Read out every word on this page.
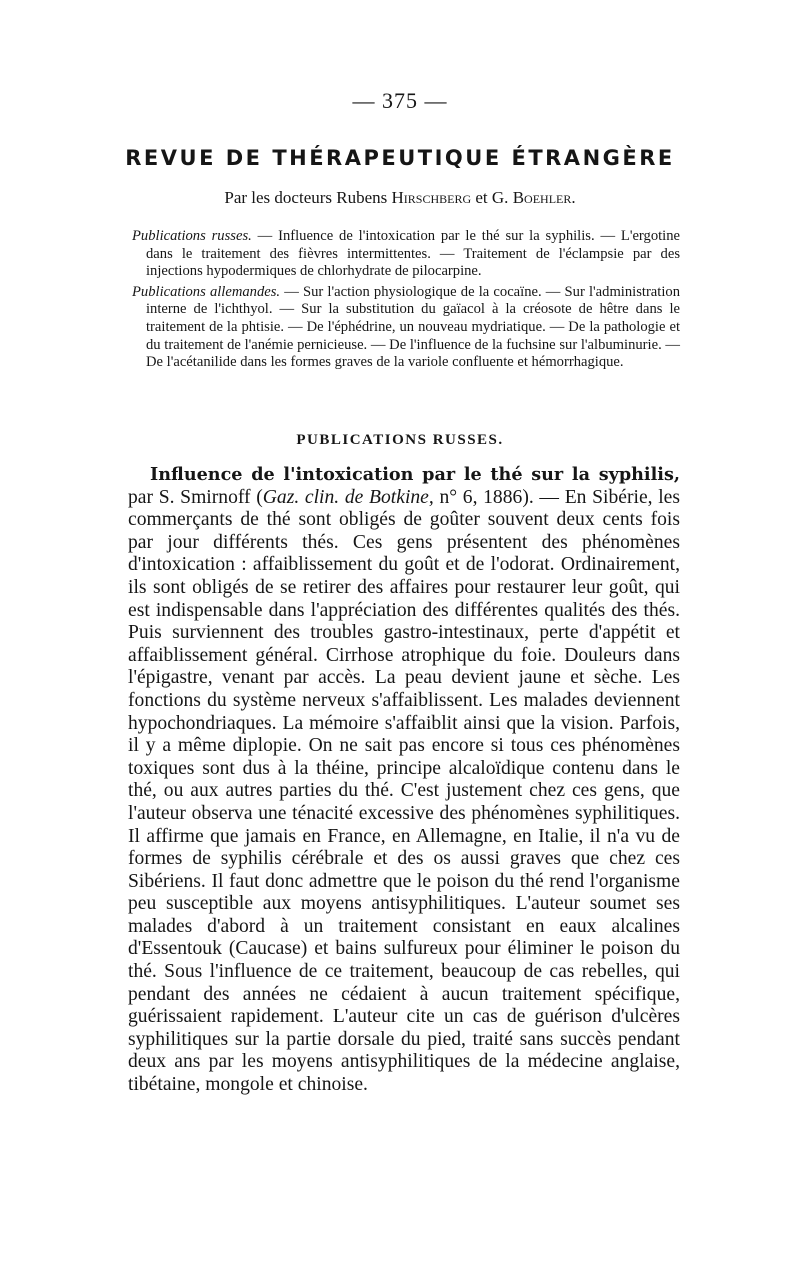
— 375 —
REVUE DE THÉRAPEUTIQUE ÉTRANGÈRE
Par les docteurs Rubens Hirschberg et G. Boehler.

Publications russes. — Influence de l'intoxication par le thé sur la syphilis. — L'ergotine dans le traitement des fièvres intermittentes. — Traitement de l'éclampsie par des injections hypodermiques de chlorhydrate de pilocarpine.

Publications allemandes. — Sur l'action physiologique de la cocaïne. — Sur l'administration interne de l'ichthyol. — Sur la substitution du gaïacol à la créosote de hêtre dans le traitement de la phtisie. — De l'éphédrine, un nouveau mydriatique. — De la pathologie et du traitement de l'anémie pernicieuse. — De l'influence de la fuchsine sur l'albuminurie. — De l'acétanilide dans les formes graves de la variole confluente et hémorrhagique.

PUBLICATIONS RUSSES.

Influence de l'intoxication par le thé sur la syphilis, par S. Smirnoff (Gaz. clin. de Botkine, n° 6, 1886). — En Sibérie, les commerçants de thé sont obligés de goûter souvent deux cents fois par jour différents thés. Ces gens présentent des phénomènes d'intoxication : affaiblissement du goût et de l'odorat. Ordinairement, ils sont obligés de se retirer des affaires pour restaurer leur goût, qui est indispensable dans l'appréciation des différentes qualités des thés. Puis surviennent des troubles gastro-intestinaux, perte d'appétit et affaiblissement général. Cirrhose atrophique du foie. Douleurs dans l'épigastre, venant par accès. La peau devient jaune et sèche. Les fonctions du système nerveux s'affaiblissent. Les malades deviennent hypochondriaques. La mémoire s'affaiblit ainsi que la vision. Parfois, il y a même diplopie. On ne sait pas encore si tous ces phénomènes toxiques sont dus à la théine, principe alcaloïdique contenu dans le thé, ou aux autres parties du thé. C'est justement chez ces gens, que l'auteur observa une ténacité excessive des phénomènes syphilitiques. Il affirme que jamais en France, en Allemagne, en Italie, il n'a vu de formes de syphilis cérébrale et des os aussi graves que chez ces Sibériens. Il faut donc admettre que le poison du thé rend l'organisme peu susceptible aux moyens antisyphilitiques. L'auteur soumet ses malades d'abord à un traitement consistant en eaux alcalines d'Essentouk (Caucase) et bains sulfureux pour éliminer le poison du thé. Sous l'influence de ce traitement, beaucoup de cas rebelles, qui pendant des années ne cédaient à aucun traitement spécifique, guérissaient rapidement. L'auteur cite un cas de guérison d'ulcères syphilitiques sur la partie dorsale du pied, traité sans succès pendant deux ans par les moyens antisyphilitiques de la médecine anglaise, tibétaine, mongole et chinoise.
